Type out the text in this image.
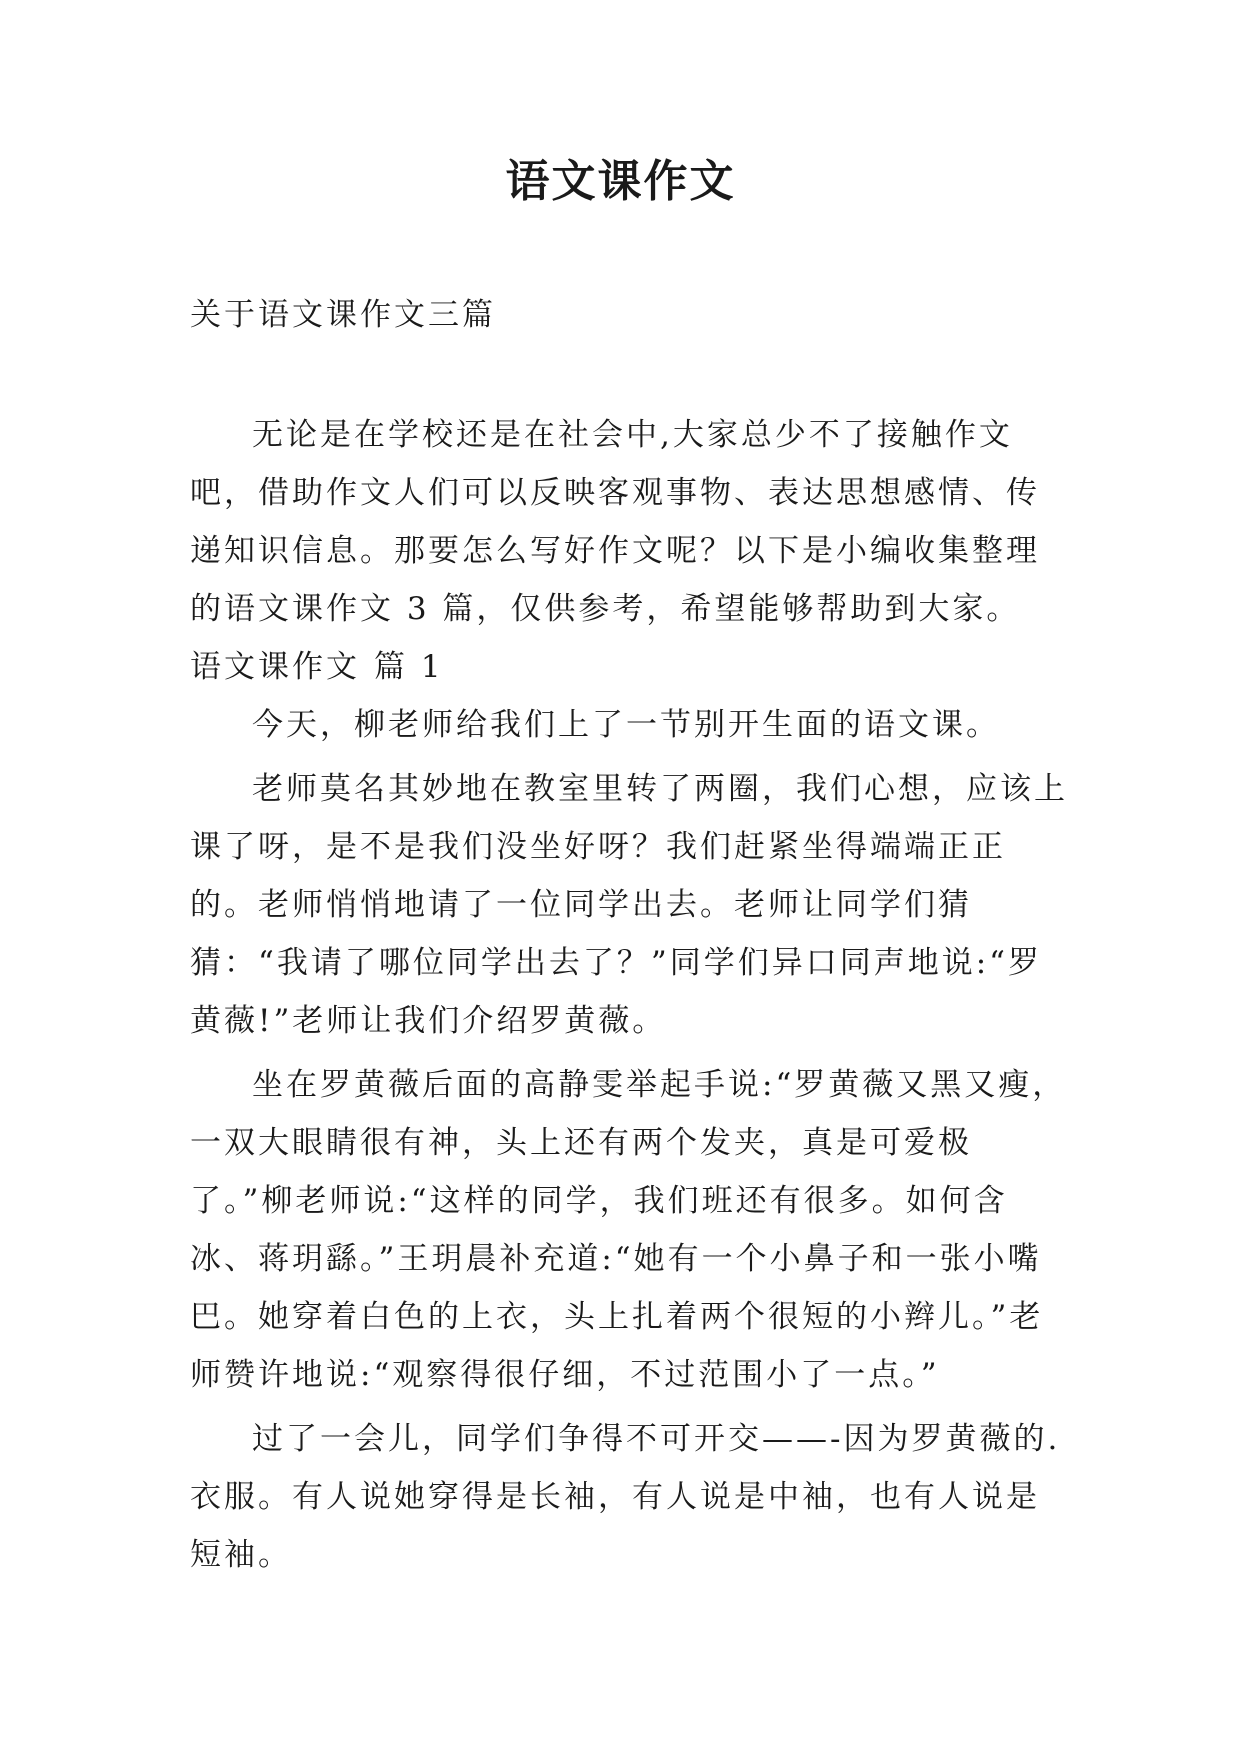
语文课作文

关于语文课作文三篇

无论是在学校还是在社会中,大家总少不了接触作文吧，借助作文人们可以反映客观事物、表达思想感情、传递知识信息。那要怎么写好作文呢？以下是小编收集整理的语文课作文 3 篇，仅供参考，希望能够帮助到大家。

语文课作文 篇 1

今天，柳老师给我们上了一节别开生面的语文课。

老师莫名其妙地在教室里转了两圈，我们心想，应该上课了呀，是不是我们没坐好呀？我们赶紧坐得端端正正的。老师悄悄地请了一位同学出去。老师让同学们猜猜：“我请了哪位同学出去了？”同学们异口同声地说:“罗黄薇!”老师让我们介绍罗黄薇。

坐在罗黄薇后面的高静雯举起手说:“罗黄薇又黑又瘦，一双大眼睛很有神，头上还有两个发夹，真是可爱极了。”柳老师说:“这样的同学，我们班还有很多。如何含冰、蒋玥繇。”王玥晨补充道:“她有一个小鼻子和一张小嘴巴。她穿着白色的上衣，头上扎着两个很短的小辫儿。”老师赞许地说:“观察得很仔细，不过范围小了一点。”

过了一会儿，同学们争得不可开交——-因为罗黄薇的.衣服。有人说她穿得是长袖，有人说是中袖，也有人说是短袖。
